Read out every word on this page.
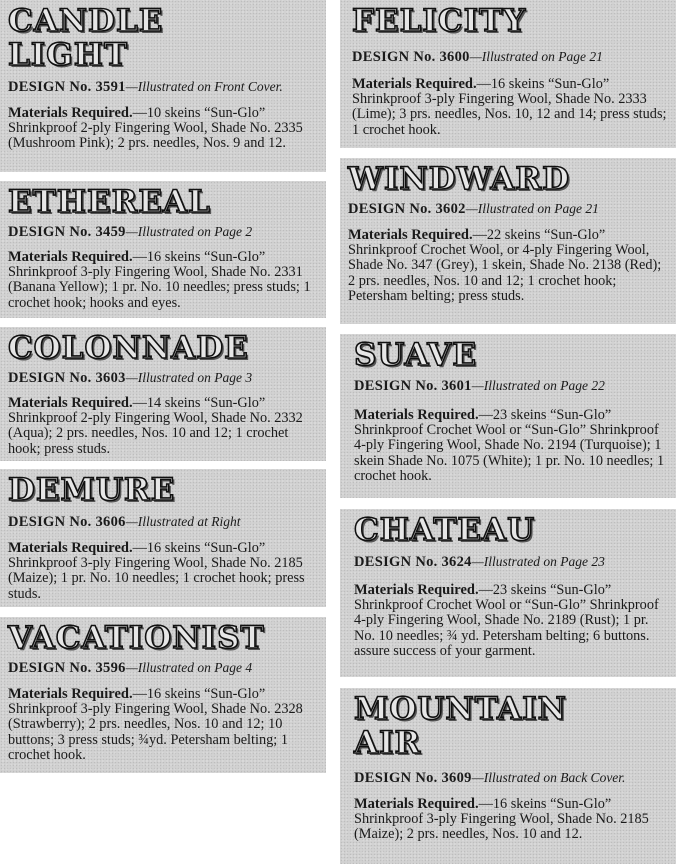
CANDLE

LIGHT

DESIGN No. 3591—Illustrated on Front Cover.

Materials Required.—10 skeins “Sun-Glo” Shrinkproof 2-ply Fingering Wool, Shade No. 2335 (Mushroom Pink); 2 prs. needles, Nos. 9 and 12.

ETHEREAL

DESIGN No. 3459—Illustrated on Page 2

Materials Required.—16 skeins “Sun-Glo” Shrinkproof 3-ply Fingering Wool, Shade No. 2331 (Banana Yellow); 1 pr. No. 10 needles; press studs; 1 crochet hook; hooks and eyes.

COLONNADE

DESIGN No. 3603—Illustrated on Page 3

Materials Required.—14 skeins “Sun-Glo” Shrinkproof 2-ply Fingering Wool, Shade No. 2332 (Aqua); 2 prs. needles, Nos. 10 and 12; 1 crochet hook; press studs.

DEMURE

DESIGN No. 3606—Illustrated at Right

Materials Required.—16 skeins “Sun-Glo” Shrinkproof 3-ply Fingering Wool, Shade No. 2185 (Maize); 1 pr. No. 10 needles; 1 crochet hook; press studs.

VACATIONIST

DESIGN No. 3596—Illustrated on Page 4

Materials Required.—16 skeins “Sun-Glo” Shrinkproof 3-ply Fingering Wool, Shade No. 2328 (Strawberry); 2 prs. needles, Nos. 10 and 12; 10 buttons; 3 press studs; ¾yd. Petersham belting; 1 crochet hook.

FELICITY

DESIGN No. 3600—Illustrated on Page 21

Materials Required.—16 skeins “Sun-Glo” Shrinkproof 3-ply Fingering Wool, Shade No. 2333 (Lime); 3 prs. needles, Nos. 10, 12 and 14; press studs; 1 crochet hook.

WINDWARD

DESIGN No. 3602—Illustrated on Page 21

Materials Required.—22 skeins “Sun-Glo” Shrinkproof Crochet Wool, or 4-ply Fingering Wool, Shade No. 347 (Grey), 1 skein, Shade No. 2138 (Red); 2 prs. needles, Nos. 10 and 12; 1 crochet hook; Petersham belting; press studs.

SUAVE

DESIGN No. 3601—Illustrated on Page 22

Materials Required.—23 skeins “Sun-Glo” Shrinkproof Crochet Wool or “Sun-Glo” Shrinkproof 4-ply Fingering Wool, Shade No. 2194 (Turquoise); 1 skein Shade No. 1075 (White); 1 pr. No. 10 needles; 1 crochet hook.

CHATEAU

DESIGN No. 3624—Illustrated on Page 23

Materials Required.—23 skeins “Sun-Glo” Shrinkproof Crochet Wool or “Sun-Glo” Shrinkproof 4-ply Fingering Wool, Shade No. 2189 (Rust); 1 pr. No. 10 needles; ¾ yd. Petersham belting; 6 buttons.

assure success of your garment.

MOUNTAIN

AIR

DESIGN No. 3609—Illustrated on Back Cover.

Materials Required.—16 skeins “Sun-Glo” Shrinkproof 3-ply Fingering Wool, Shade No. 2185 (Maize); 2 prs. needles, Nos. 10 and 12.
